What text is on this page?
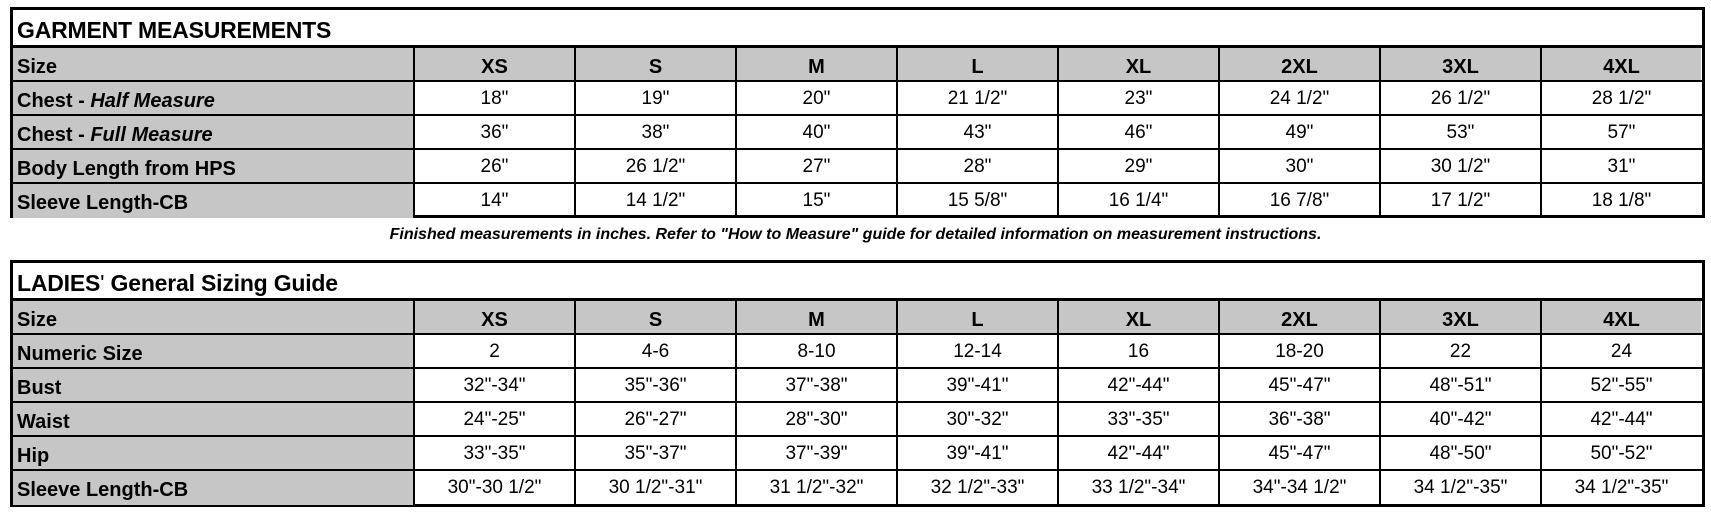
GARMENT MEASUREMENTS
Size	XS	S	M	L	XL	2XL	3XL	4XL
Chest - Half Measure	18"	19"	20"	21 1/2"	23"	24 1/2"	26 1/2"	28 1/2"
Chest - Full Measure	36"	38"	40"	43"	46"	49"	53"	57"
Body Length from HPS	26"	26 1/2"	27"	28"	29"	30"	30 1/2"	31"
Sleeve Length-CB	14"	14 1/2"	15"	15 5/8"	16 1/4"	16 7/8"	17 1/2"	18 1/8"
Finished measurements in inches. Refer to "How to Measure" guide for detailed information on measurement instructions.
LADIES' General Sizing Guide
Size	XS	S	M	L	XL	2XL	3XL	4XL
Numeric Size	2	4-6	8-10	12-14	16	18-20	22	24
Bust	32"-34"	35"-36"	37"-38"	39"-41"	42"-44"	45"-47"	48"-51"	52"-55"
Waist	24"-25"	26"-27"	28"-30"	30"-32"	33"-35"	36"-38"	40"-42"	42"-44"
Hip	33"-35"	35"-37"	37"-39"	39"-41"	42"-44"	45"-47"	48"-50"	50"-52"
Sleeve Length-CB	30"-30 1/2"	30 1/2"-31"	31 1/2"-32"	32 1/2"-33"	33 1/2"-34"	34"-34 1/2"	34 1/2"-35"	34 1/2"-35"
